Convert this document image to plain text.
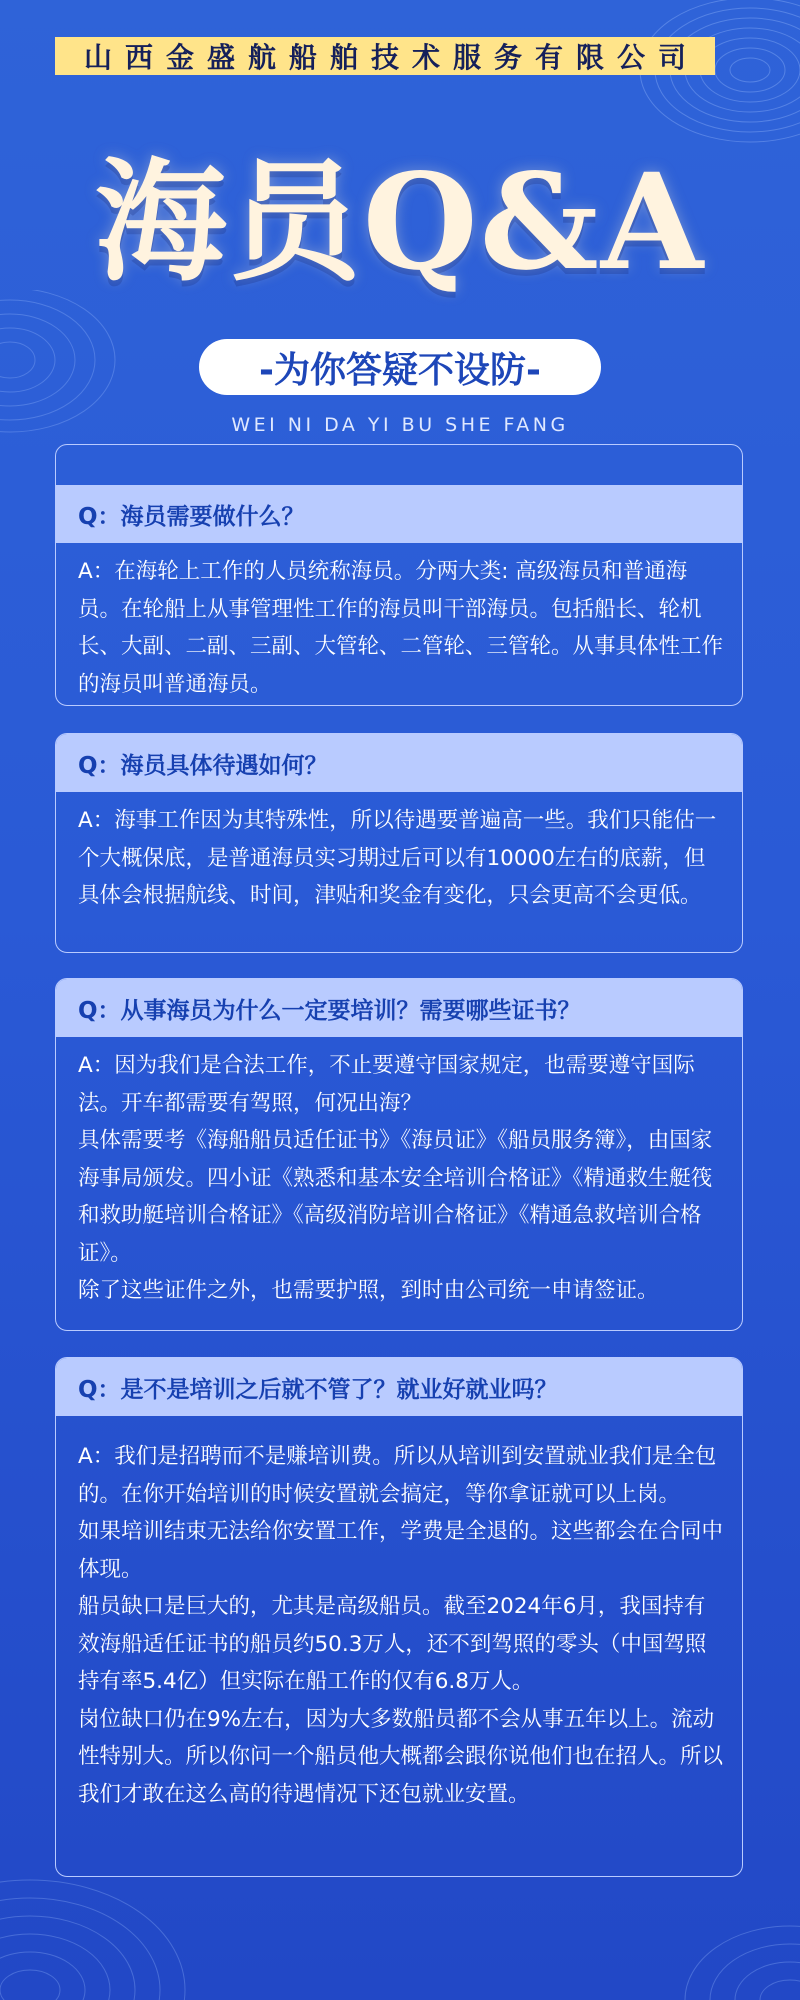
山西金盛航船舶技术服务有限公司
海员Q&A
-为你答疑不设防-
WEI NI DA YI BU SHE FANG
Q：海员需要做什么？

A：在海轮上工作的人员统称海员。分两大类: 高级海员和普通海员。在轮船上从事管理性工作的海员叫干部海员。包括船长、轮机长、大副、二副、三副、大管轮、二管轮、三管轮。从事具体性工作的海员叫普通海员。

Q：海员具体待遇如何？

A：海事工作因为其特殊性，所以待遇要普遍高一些。我们只能估一个大概保底，是普通海员实习期过后可以有10000左右的底薪，但具体会根据航线、时间，津贴和奖金有变化，只会更高不会更低。

Q：从事海员为什么一定要培训？需要哪些证书？

A：因为我们是合法工作，不止要遵守国家规定，也需要遵守国际法。开车都需要有驾照，何况出海？

具体需要考《海船船员适任证书》《海员证》《船员服务簿》，由国家海事局颁发。四小证《熟悉和基本安全培训合格证》《精通救生艇筏和救助艇培训合格证》《高级消防培训合格证》《精通急救培训合格证》。

除了这些证件之外，也需要护照，到时由公司统一申请签证。

Q：是不是培训之后就不管了？就业好就业吗？

A：我们是招聘而不是赚培训费。所以从培训到安置就业我们是全包的。在你开始培训的时候安置就会搞定，等你拿证就可以上岗。

如果培训结束无法给你安置工作，学费是全退的。这些都会在合同中体现。

船员缺口是巨大的，尤其是高级船员。截至2024年6月，我国持有效海船适任证书的船员约50.3万人，还不到驾照的零头（中国驾照持有率5.4亿）但实际在船工作的仅有6.8万人。

岗位缺口仍在9%左右，因为大多数船员都不会从事五年以上。流动性特别大。所以你问一个船员他大概都会跟你说他们也在招人。所以我们才敢在这么高的待遇情况下还包就业安置。
